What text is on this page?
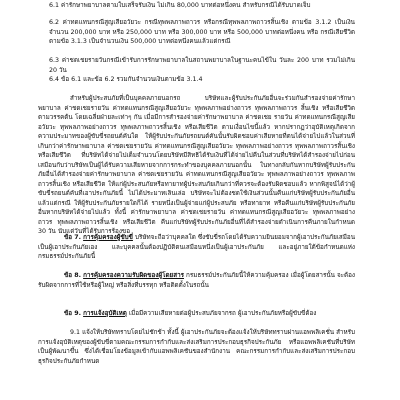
6.1 ค่ารักษาพยาบาลตามใบเสร็จรับเงิน ไม่เกิน 80,000 บาทต่อหนึ่งคน สำหรับกรณีได้รับบาดเจ็บ

6.2 ค่าทดแทนกรณีสูญเสียอวัยวะ กรณีทุพพลภาพถาวร หรือกรณีทุพพลภาพถาวรสิ้นเชิง ตามข้อ 3.1.2 เป็นเงินจำนวน 200,000 บาท หรือ 250,000 บาท หรือ 300,000 บาท หรือ 500,000 บาทต่อหนึ่งคน หรือ กรณีเสียชีวิต ตามข้อ 3.1.3 เป็นจำนวนเงิน 500,000 บาทต่อหนึ่งคนแล้วแต่กรณี

6.3 ค่าชดเชยรายวันกรณีเข้ารับการรักษาพยาบาลในสถานพยาบาลในฐานะคนไข้ใน วันละ 200 บาท รวมไม่เกิน 20 วัน

6.4 ข้อ 6.1 และข้อ 6.2 รวมกันจำนวนเงินตามข้อ 3.1.4

สำหรับผู้ประสบภัยที่เป็นบุคคลภายนอกรถ บริษัทและผู้รับประกันภัยอื่นจะร่วมกันสำรองจ่ายค่ารักษาพยาบาล ค่าชดเชยรายวัน ค่าทดแทนกรณีสูญเสียอวัยวะ ทุพพลภาพอย่างถาวร ทุพพลภาพถาวร สิ้นเชิง หรือเสียชีวิต ตามวรรคต้น โดยเฉลี่ยฝ่ายละเท่าๆ กัน เมื่อมีการสำรองจ่ายค่ารักษาพยาบาล ค่าชดเชย รายวัน ค่าทดแทนกรณีสูญเสียอวัยวะ ทุพพลภาพอย่างถาวร ทุพพลภาพถาวรสิ้นเชิง หรือเสียชีวิต ตามเงื่อนไขนี้แล้ว หากปรากฏว่าอุบัติเหตุเกิดจากความประมาทของผู้ขับขี่รถยนต์คันใด ให้ผู้รับประกันภัยรถยนต์คันนั้นรับผิดชอบค่าเสียหายที่ตนได้จ่ายไปแล้วในส่วนที่เกินกว่าค่ารักษาพยาบาล ค่าชดเชยรายวัน ค่าทดแทนกรณีสูญเสียอวัยวะ ทุพพลภาพอย่างถาวร ทุพพลภาพถาวรสิ้นเชิง หรือเสียชีวิต ที่บริษัทได้จ่ายไปเต็มจำนวนโดยบริษัทมีสิทธิได้รับเงินที่ได้จ่ายไปคืนในส่วนที่บริษัทได้สำรองจ่ายไปก่อนเสมือนกับว่าบริษัทเป็นผู้ได้รับความเสียหายจากการกระทำของบุคคลภายนอกนั้น ในทางกลับกันหากบริษัทผู้รับประกันภัยอื่นได้สำรองจ่ายค่ารักษาพยาบาล ค่าชดเชยรายวัน ค่าทดแทนกรณีสูญเสียอวัยวะ ทุพพลภาพอย่างถาวร ทุพพลภาพถาวรสิ้นเชิง หรือเสียชีวิต ให้แก่ผู้ประสบภัยหรือทายาทผู้ประสบภัยเกินกว่าที่ควรจะต้องรับผิดชอบแล้ว หากพิสูจน์ได้ว่าผู้ขับขี่รถยนต์คันที่เอาประกันภัยนี้ ไม่ได้ประมาทเลินเล่อ บริษัทจะไม่ต้องชดใช้เงินส่วนนั้นคืนแก่บริษัทผู้รับประกันภัยอื่นแล้วแต่กรณี ให้ผู้รับประกันภัยรายใดก็ได้ รายหนึ่งเป็นผู้จ่ายแก่ผู้ประสบภัย หรือทายาท หรือคืนแก่บริษัทผู้รับประกันภัยอื่นหากบริษัทได้จ่ายไปแล้ว ทั้งนี้ ค่ารักษาพยาบาล ค่าชดเชยรายวัน ค่าทดแทนกรณีสูญเสียอวัยวะ ทุพพลภาพอย่างถาวร ทุพพลภาพถาวรสิ้นเชิง หรือเสียชีวิต คืนแก่บริษัทผู้รับประกันภัยอื่นที่ได้สำรองจ่ายดำเนินการคืนภายในกำหนด 30 วัน นับแต่วันที่ได้รับการร้องขอ

ข้อ 7. การคุ้มครองผู้ขับขี่ บริษัทจะถือว่าบุคคลใด ซึ่งขับขี่รถโดยได้รับความยินยอมจากผู้เอาประกันภัยเสมือนเป็นผู้เอาประกันภัยเอง และบุคคลนั้นต้องปฏิบัติตนเสมือนหนึ่งเป็นผู้เอาประกันภัย และอยู่ภายใต้ข้อกำหนดแห่งกรมธรรม์ประกันภัยนี้

ข้อ 8. การคุ้มครองความรับผิดของผู้โดยสาร กรมธรรม์ประกันภัยนี้ให้ความคุ้มครอง เมื่อผู้โดยสารนั้น จะต้องรับผิดจากการที่ใช้หรือผู้ใหญ่ หรือสิ่งที่บรรทุก หรือติดตั้งในรถนั้น

ข้อ 9. การแจ้งอุบัติเหตุ เมื่อมีความเสียหายต่อผู้ประสบภัยจากรถ ผู้เอาประกันภัยหรือผู้ขับขี่ต้อง

9.1 แจ้งให้บริษัททราบโดยไม่ชักช้า ทั้งนี้ ผู้เอาประกันภัยจะต้องแจ้งให้บริษัททราบผ่านแอพพลิเคชั่น สำหรับการแจ้งอุบัติเหตุของผู้ขับขี่ตามคณะกรรมการกำกับและส่งเสริมการประกอบธุรกิจประกันภัย หรือแอพพลิเคชันที่บริษัทเป็นผู้พัฒนาขึ้น ซึ่งได้เชื่อมโยงข้อมูลเข้ากับแอพพลิเคชันของสำนักงาน คณะกรรมการกำกับและส่งเสริมการประกอบธุรกิจประกันภัยกำหนด
